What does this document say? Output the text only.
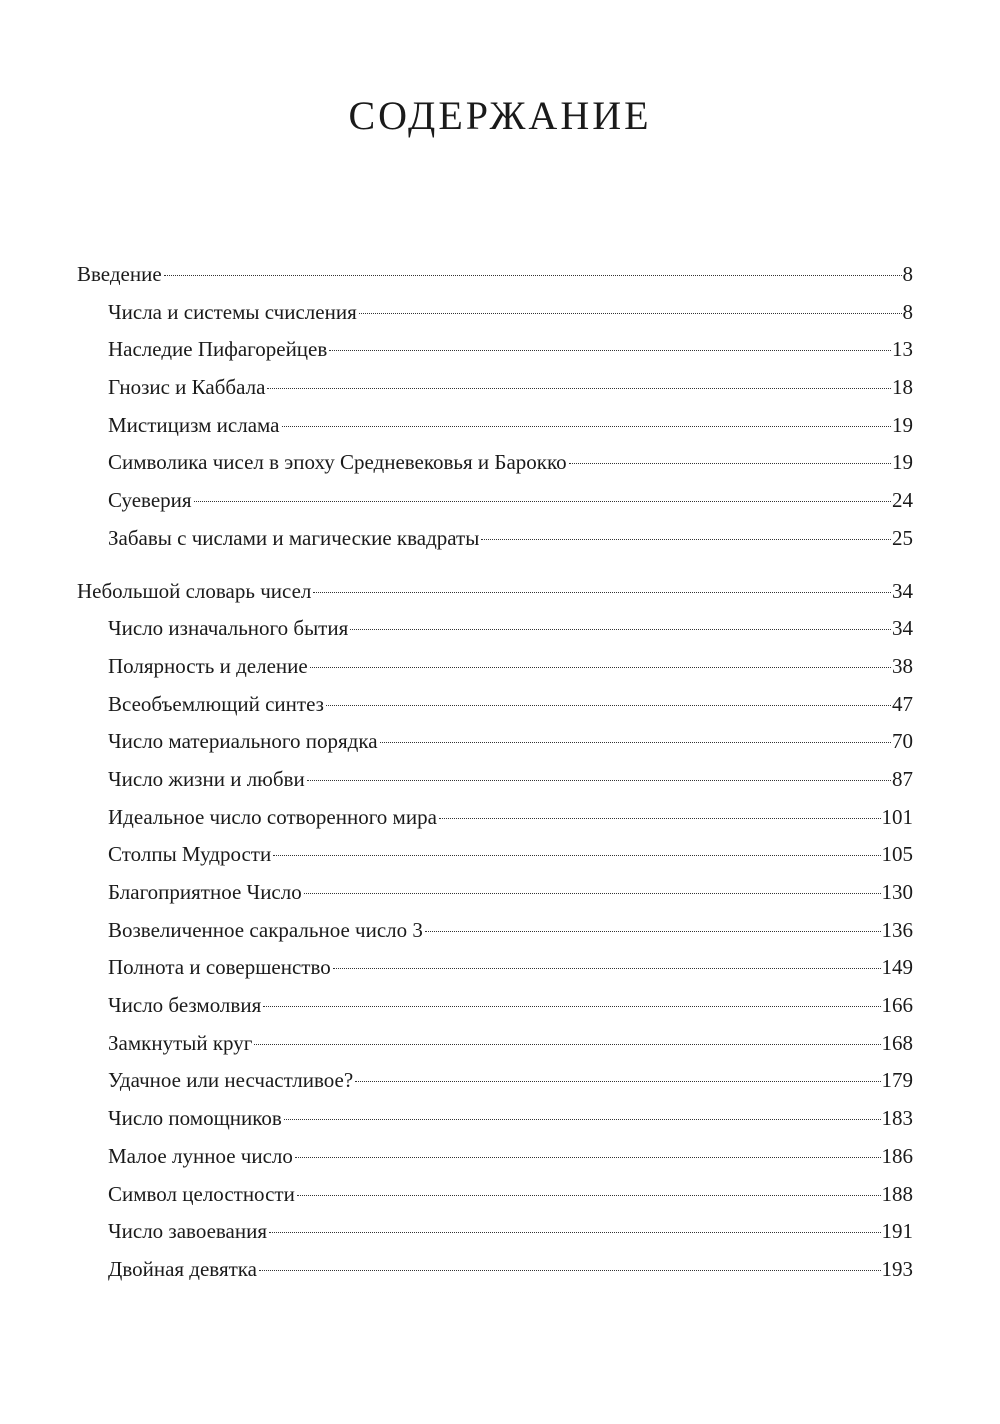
СОДЕРЖАНИЕ
Введение	8
Числа и системы счисления	8
Наследие Пифагорейцев	13
Гнозис и Каббала	18
Мистицизм ислама	19
Символика чисел в эпоху Средневековья и Барокко	19
Суеверия	24
Забавы с числами и магические квадраты	25
Небольшой словарь чисел	34
Число изначального бытия	34
Полярность и деление	38
Всеобъемлющий синтез	47
Число материального порядка	70
Число жизни и любви	87
Идеальное число сотворенного мира	101
Столпы Мудрости	105
Благоприятное Число	130
Возвеличенное сакральное число 3	136
Полнота и совершенство	149
Число безмолвия	166
Замкнутый круг	168
Удачное или несчастливое?	179
Число помощников	183
Малое лунное число	186
Символ целостности	188
Число завоевания	191
Двойная девятка	193
